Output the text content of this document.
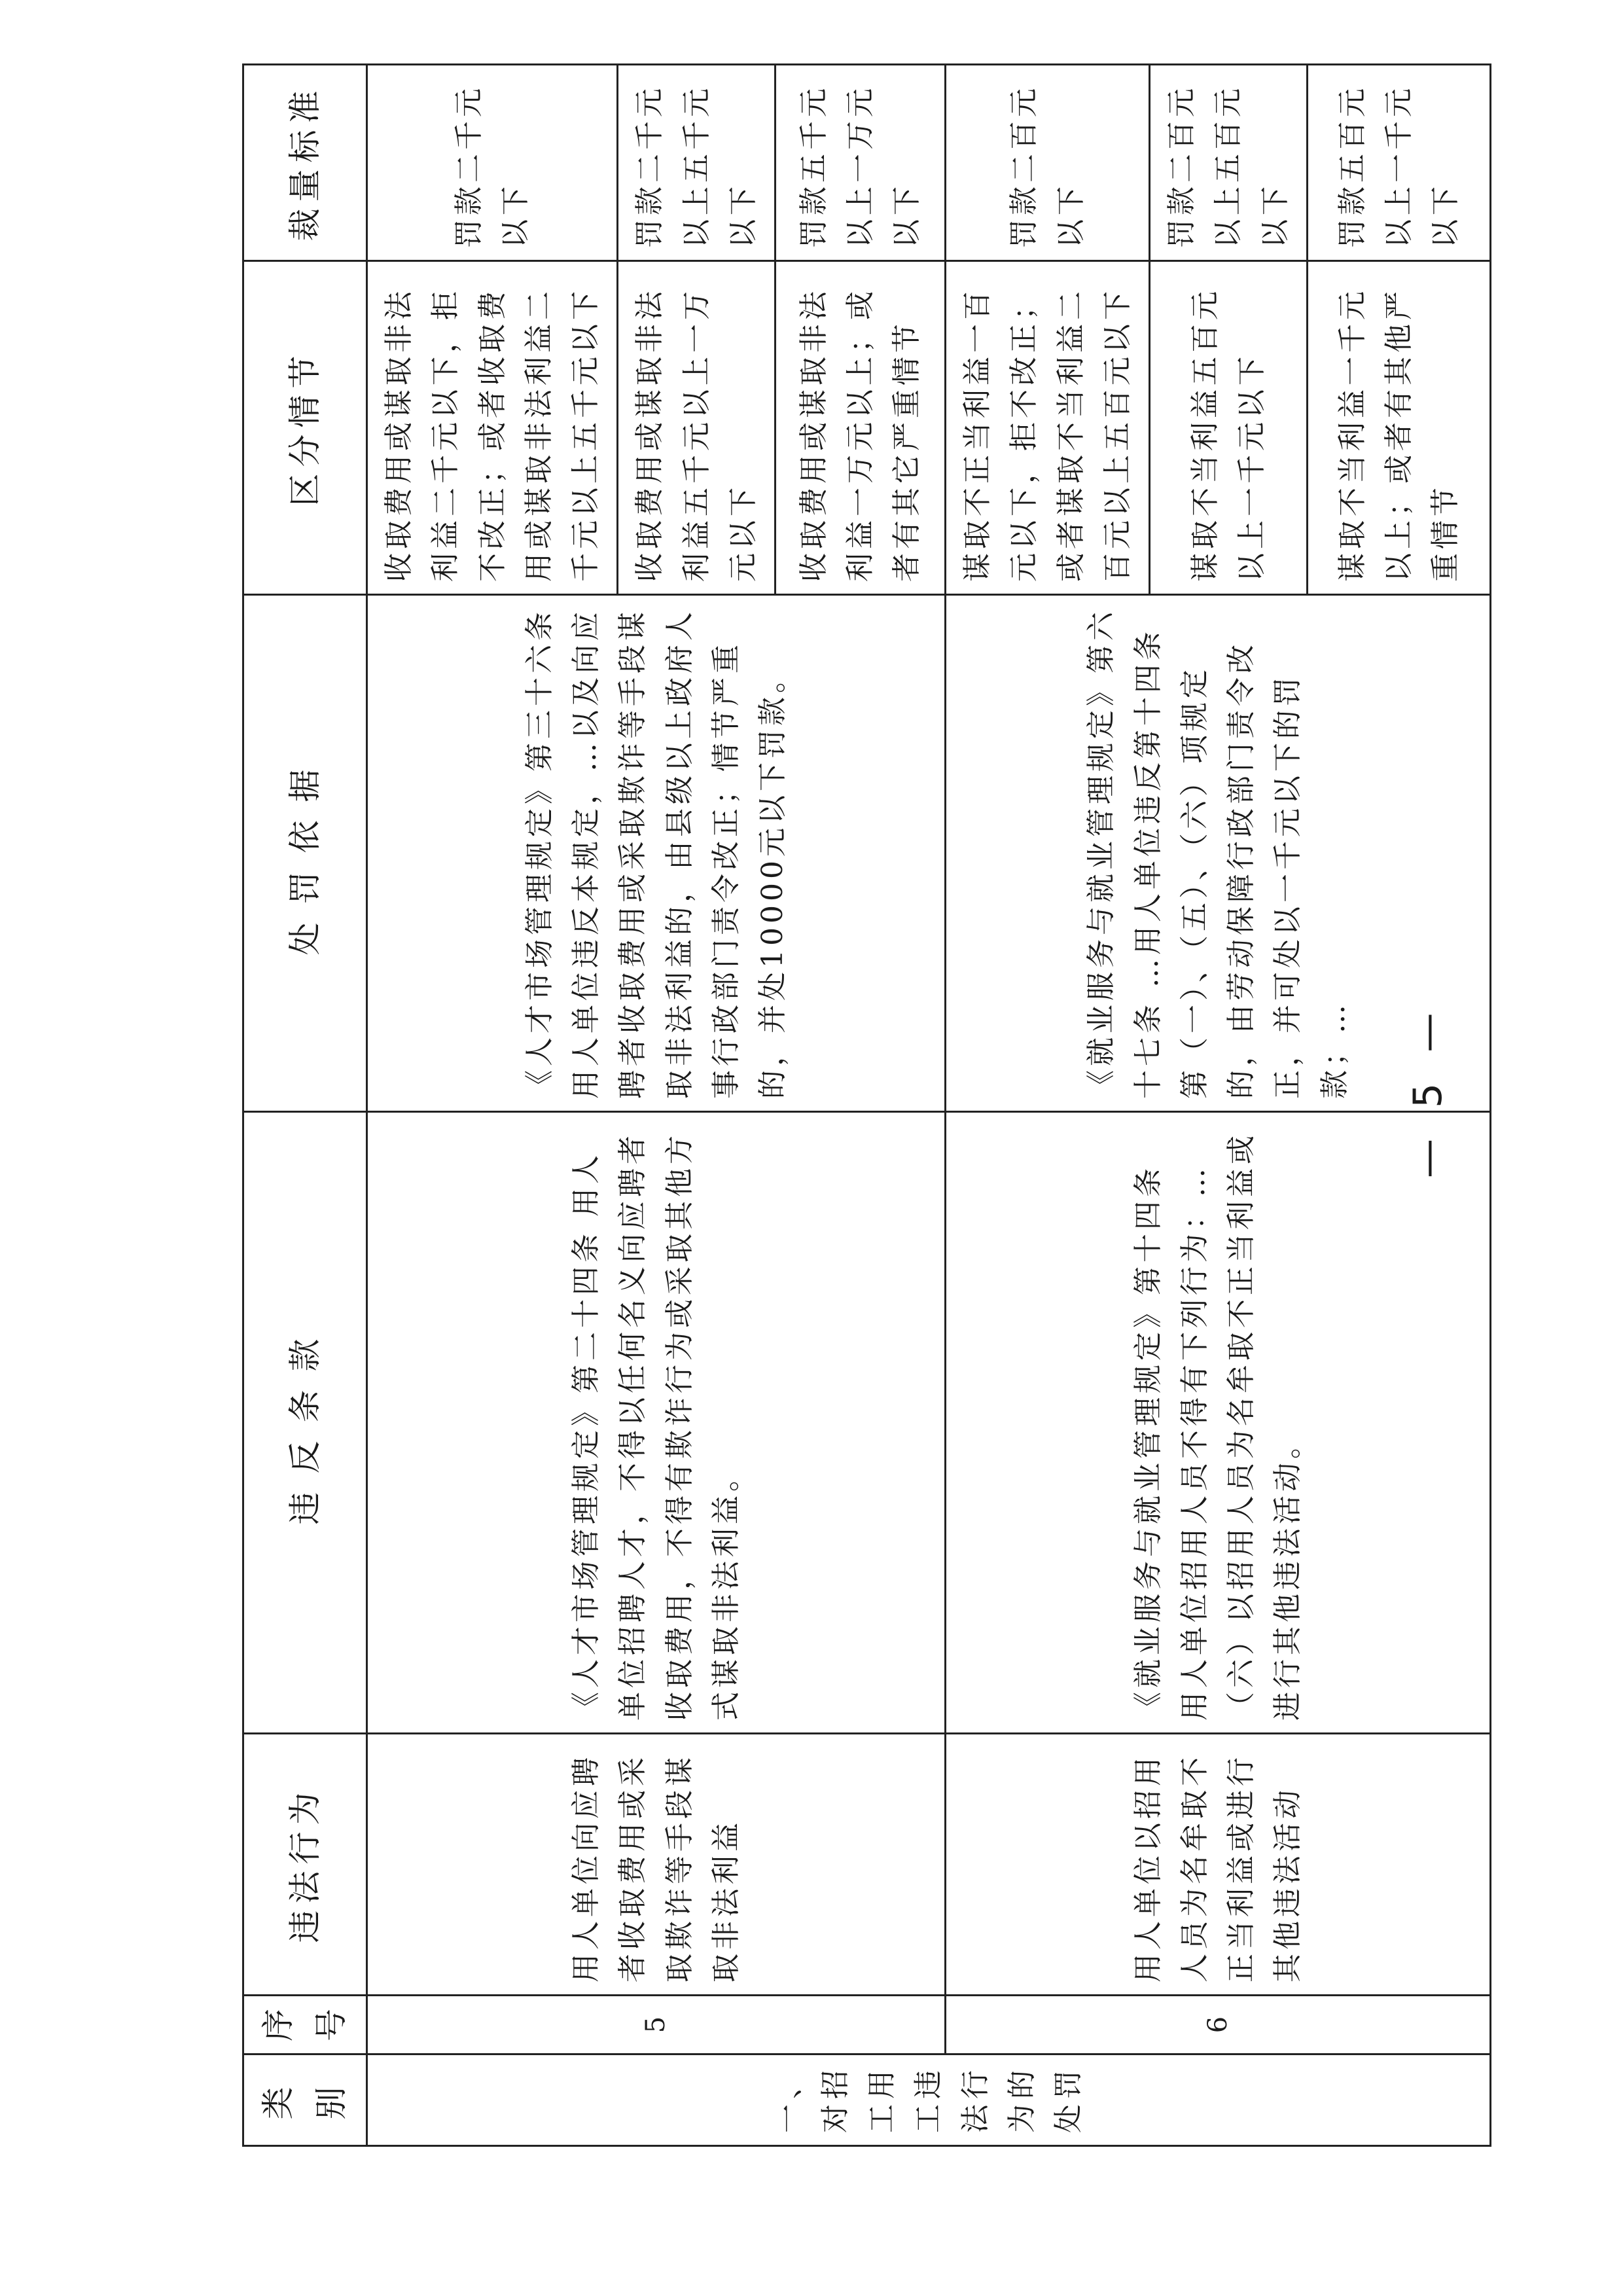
类别	序号	违法行为	违反条款	处罚依据	区分情节	裁量标准
一、对招工用工违法行为的处罚	5	用人单位向应聘者收取费用或采取欺诈等手段谋取非法利益	《人才市场管理规定》第二十四条 用人单位招聘人才，不得以任何名义向应聘者收取费用，不得有欺诈行为或采取其他方式谋取非法利益。	《人才市场管理规定》第三十六条 用人单位违反本规定，…以及向应聘者收取费用或采取欺诈等手段谋取非法利益的，由县级以上政府人事行政部门责令改正；情节严重的，并处10000元以下罚款。	收取费用或谋取非法利益二千元以下，拒不改正；或者收取费用或谋取非法利益二千元以上五千元以下	罚款二千元以下
					收取费用或谋取非法利益五千元以上一万元以下	罚款二千元以上五千元以下
					收取费用或谋取非法利益一万元以上；或者有其它严重情节	罚款五千元以上一万元以下
	6	用人单位以招用人员为名牟取不正当利益或进行其他违法活动	《就业服务与就业管理规定》第十四条 用人单位招用人员不得有下列行为：…（六）以招用人员为名牟取不正当利益或进行其他违法活动。	《就业服务与就业管理规定》第六十七条 …用人单位违反第十四条第（一）、（五）、（六）项规定的，由劳动保障行政部门责令改正，并可处以一千元以下的罚款；…	谋取不正当利益一百元以下，拒不改正；或者谋取不当利益二百元以上五百元以下	罚款二百元以下
					谋取不当利益五百元以上一千元以下	罚款二百元以上五百元以下
					谋取不当利益一千元以上；或者有其他严重情节	罚款五百元以上一千元以下
— 5 —
